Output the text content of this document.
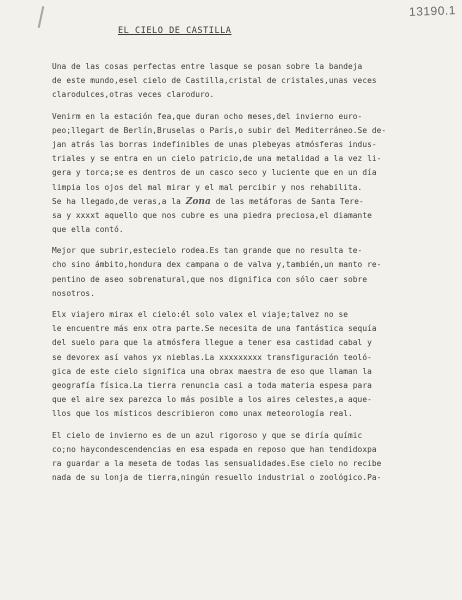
13190.1
EL CIELO DE CASTILLA
Una de las cosas perfectas entre lasque se posan sobre la bandeja
de este mundo,esel cielo de Castilla,cristal de cristales,unas veces
clarodulces,otras veces claroduro.
Venirm en la estación fea,que duran ocho meses,del invierno euro-
peo;llegart de Berlín,Bruselas o París,o subir del Mediterráneo.Se de-
jan atrás las borras indefinibles de unas plebeyas atmósferas indus-
triales y se entra en un cielo patricio,de una metalidad a la vez li-
gera y torca;se es dentros de un casco seco y luciente que en un día
limpia los ojos del mal mirar y el mal percibir y nos rehabilita.
Se ha llegado,de veras,a la Zona de las metáforas de Santa Tere-
sa y xxxxt aquello que nos cubre es una piedra preciosa,el diamante
que ella contó.
Mejor que subrir,estecielo rodea.Es tan grande que no resulta te-
cho sino ámbito,hondura dex campana o de valva y,también,un manto re-
pentino de aseo sobrenatural,que nos dignifica con sólo caer sobre
nosotros.
Elx viajero mirax el cielo:él solo valex el viaje;talvez no se
le encuentre más enx otra parte.Se necesita de una fantástica sequía
del suelo para que la atmósfera llegue a tener esa castidad cabal y
se devorex así vahos yx nieblas.La xxxxxxxxx transfiguración teoló-
gica de este cielo significa una obrax maestra de eso que llaman la
geografía física.La tierra renuncia casi a toda materia espesa para
que el aire sex parezca lo más posible a los aires celestes,a aque-
llos que los místicos describieron como unax meteorología real.
El cielo de invierno es de un azul rigoroso y que se diría químic
co;no haycondescendencias en esa espada en reposo que han tendidoxpa
ra guardar a la meseta de todas las sensualidades.Ese cielo no recibe
nada de su lonja de tierra,ningún resuello industrial o zoológico.Pa-
